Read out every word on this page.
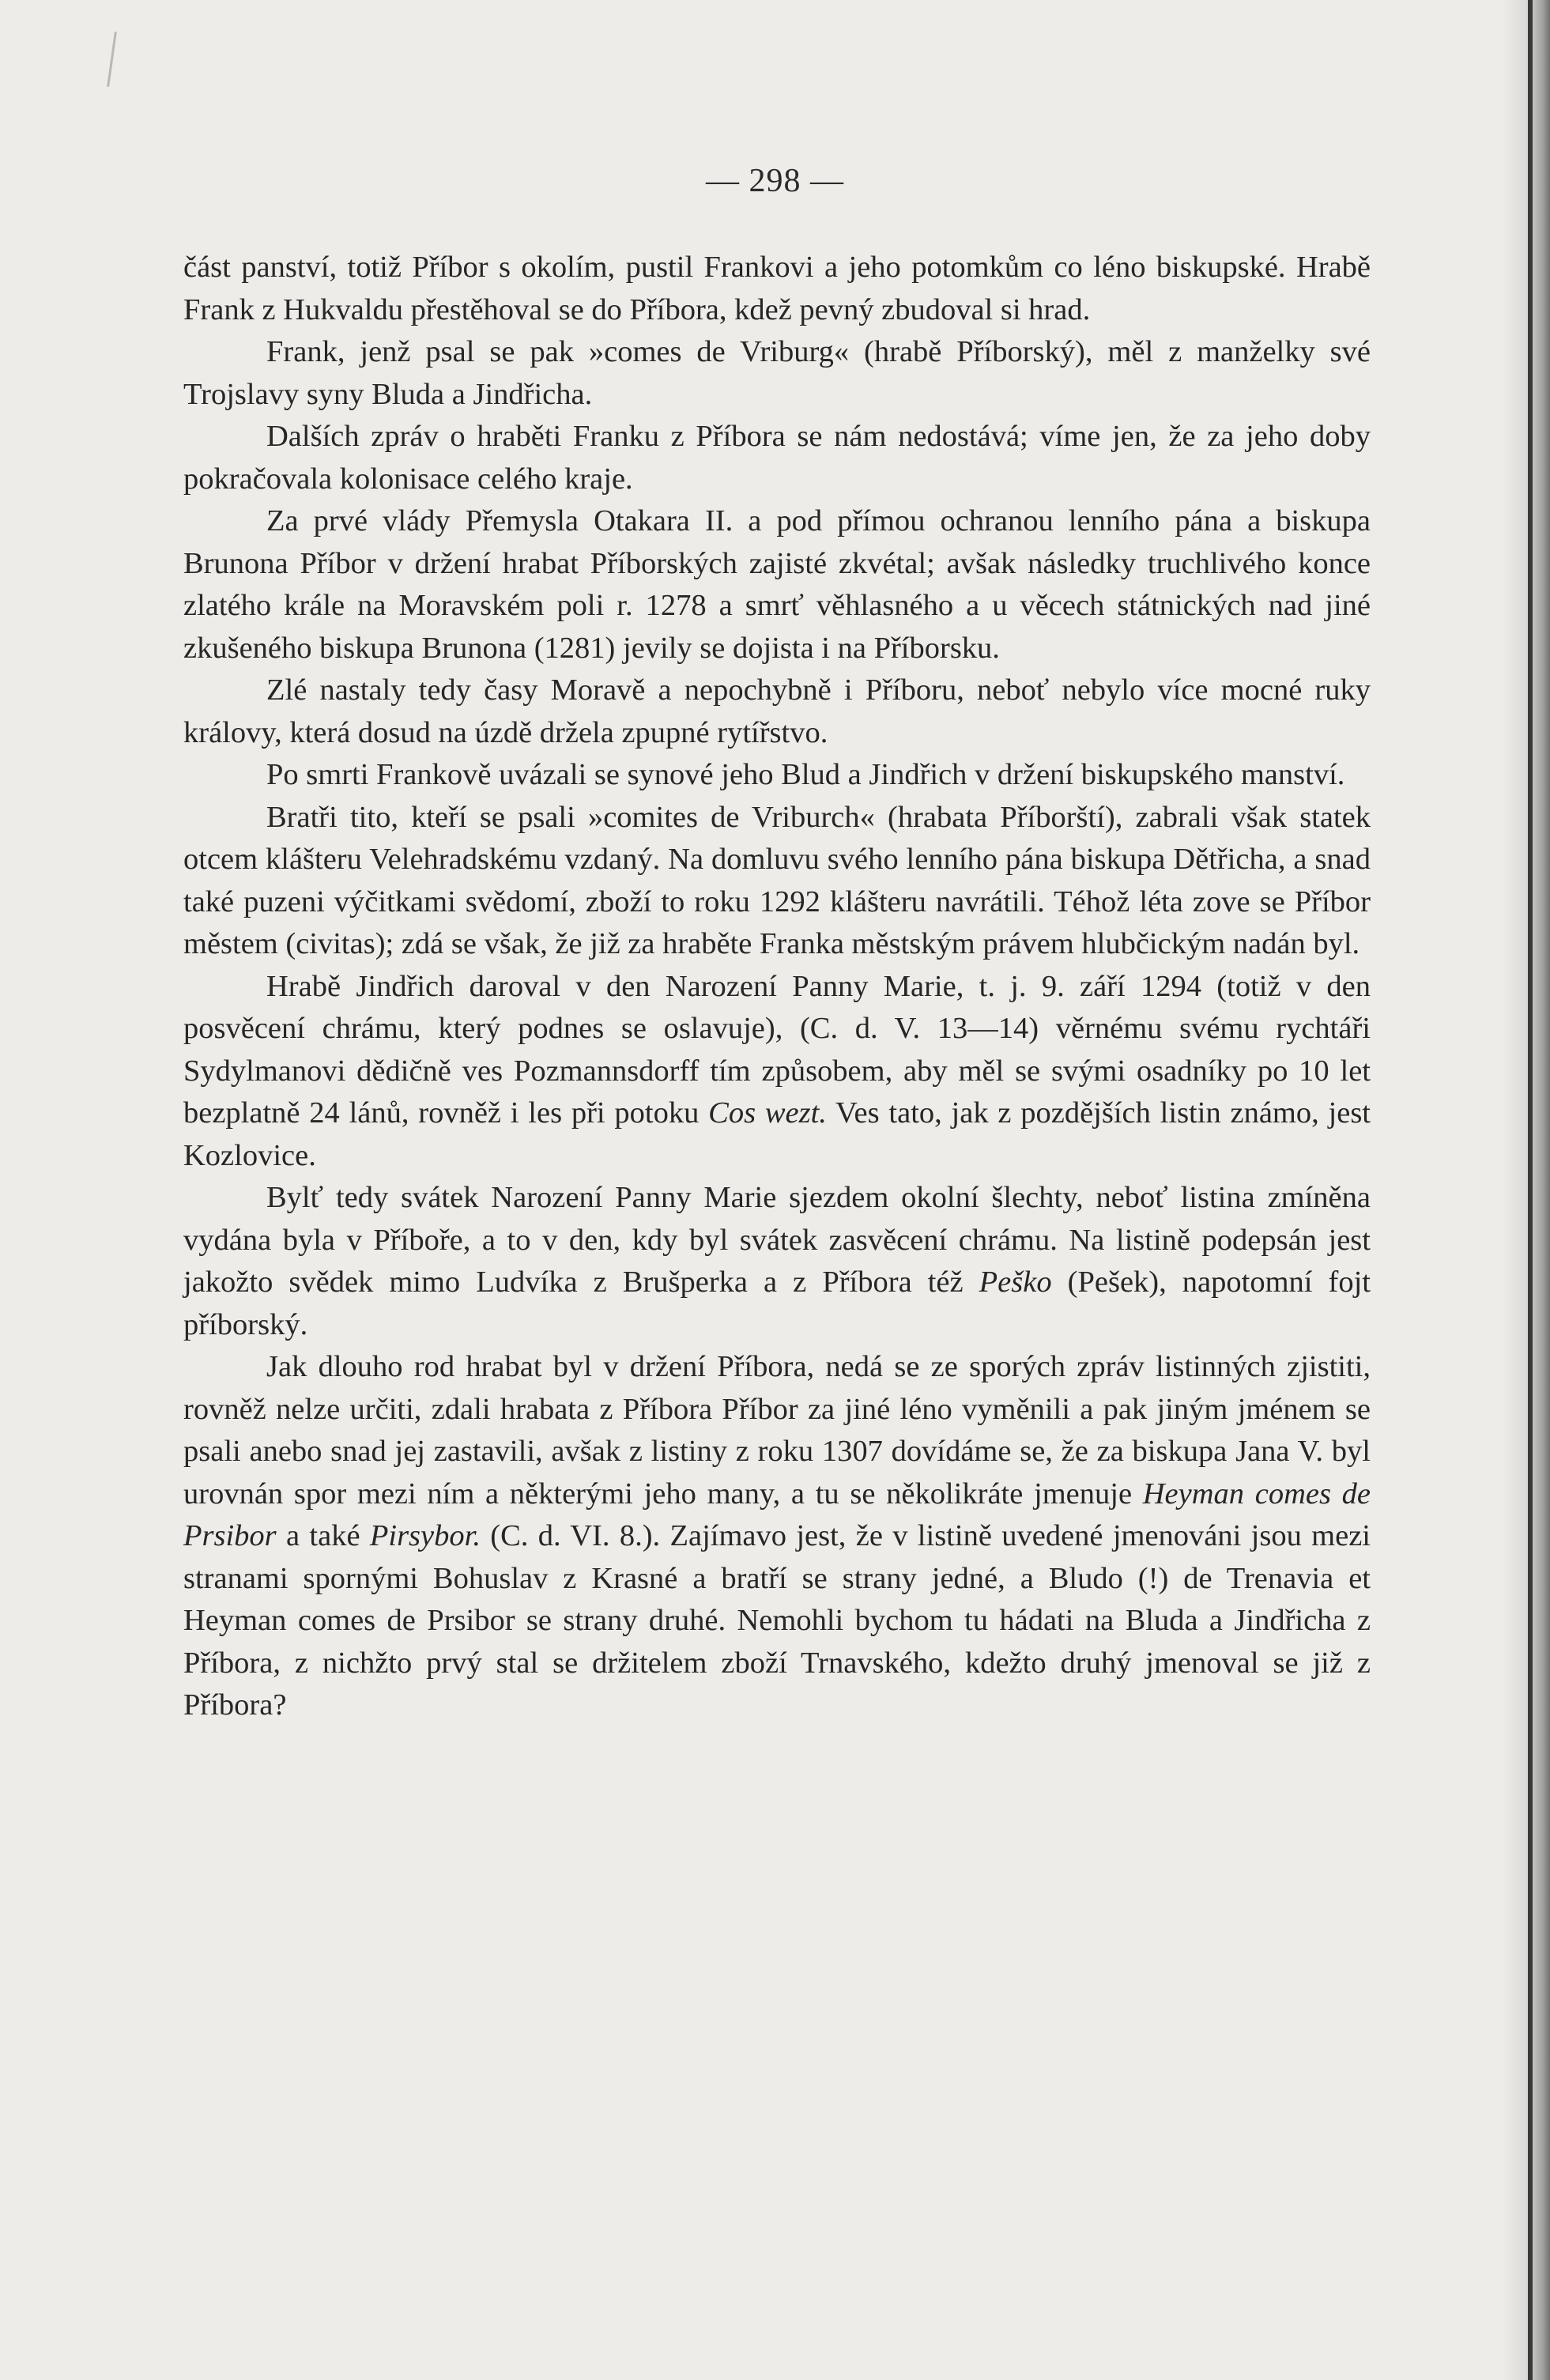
— 298 —

část panství, totiž Příbor s okolím, pustil Frankovi a jeho potomkům co léno biskupské. Hrabě Frank z Hukvaldu přestěhoval se do Příbora, kdež pevný zbudoval si hrad.

Frank, jenž psal se pak »comes de Vriburg« (hrabě Příborský), měl z manželky své Trojslavy syny Bluda a Jindřicha.

Dalších zpráv o hraběti Franku z Příbora se nám nedostává; víme jen, že za jeho doby pokračovala kolonisace celého kraje.

Za prvé vlády Přemysla Otakara II. a pod přímou ochranou lenního pána a biskupa Brunona Příbor v držení hrabat Příborských zajisté zkvétal; avšak následky truchlivého konce zlatého krále na Moravském poli r. 1278 a smrť věhlasného a u věcech státnických nad jiné zkušeného biskupa Brunona (1281) jevily se dojista i na Příborsku.

Zlé nastaly tedy časy Moravě a nepochybně i Příboru, neboť nebylo více mocné ruky královy, která dosud na úzdě držela zpupné rytířstvo.

Po smrti Frankově uvázali se synové jeho Blud a Jindřich v držení biskupského manství.

Bratři tito, kteří se psali »comites de Vriburch« (hrabata Příborští), zabrali však statek otcem klášteru Velehradskému vzdaný. Na domluvu svého lenního pána biskupa Dětřicha, a snad také puzeni výčitkami svědomí, zboží to roku 1292 klášteru navrátili. Téhož léta zove se Příbor městem (civitas); zdá se však, že již za hraběte Franka městským právem hlubčickým nadán byl.

Hrabě Jindřich daroval v den Narození Panny Marie, t. j. 9. září 1294 (totiž v den posvěcení chrámu, který podnes se oslavuje), (C. d. V. 13—14) věrnému svému rychtáři Sydylmanovi dědičně ves Pozmannsdorff tím způsobem, aby měl se svými osadníky po 10 let bezplatně 24 lánů, rovněž i les při potoku Cos wezt. Ves tato, jak z pozdějších listin známo, jest Kozlovice.

Bylť tedy svátek Narození Panny Marie sjezdem okolní šlechty, neboť listina zmíněna vydána byla v Příboře, a to v den, kdy byl svátek zasvěcení chrámu. Na listině podepsán jest jakožto svědek mimo Ludvíka z Brušperka a z Příbora též Peško (Pešek), napotomní fojt příborský.

Jak dlouho rod hrabat byl v držení Příbora, nedá se ze sporých zpráv listinných zjistiti, rovněž nelze určiti, zdali hrabata z Příbora Příbor za jiné léno vyměnili a pak jiným jménem se psali anebo snad jej zastavili, avšak z listiny z roku 1307 dovídáme se, že za biskupa Jana V. byl urovnán spor mezi ním a některými jeho many, a tu se několikráte jmenuje Heyman comes de Prsibor a také Pirsybor. (C. d. VI. 8.). Zajímavo jest, že v listině uvedené jmenováni jsou mezi stranami spornými Bohuslav z Krasné a bratří se strany jedné, a Bludo (!) de Trenavia et Heyman comes de Prsibor se strany druhé. Nemohli bychom tu hádati na Bluda a Jindřicha z Příbora, z nichžto prvý stal se držitelem zboží Trnavského, kdežto druhý jmenoval se již z Příbora?
